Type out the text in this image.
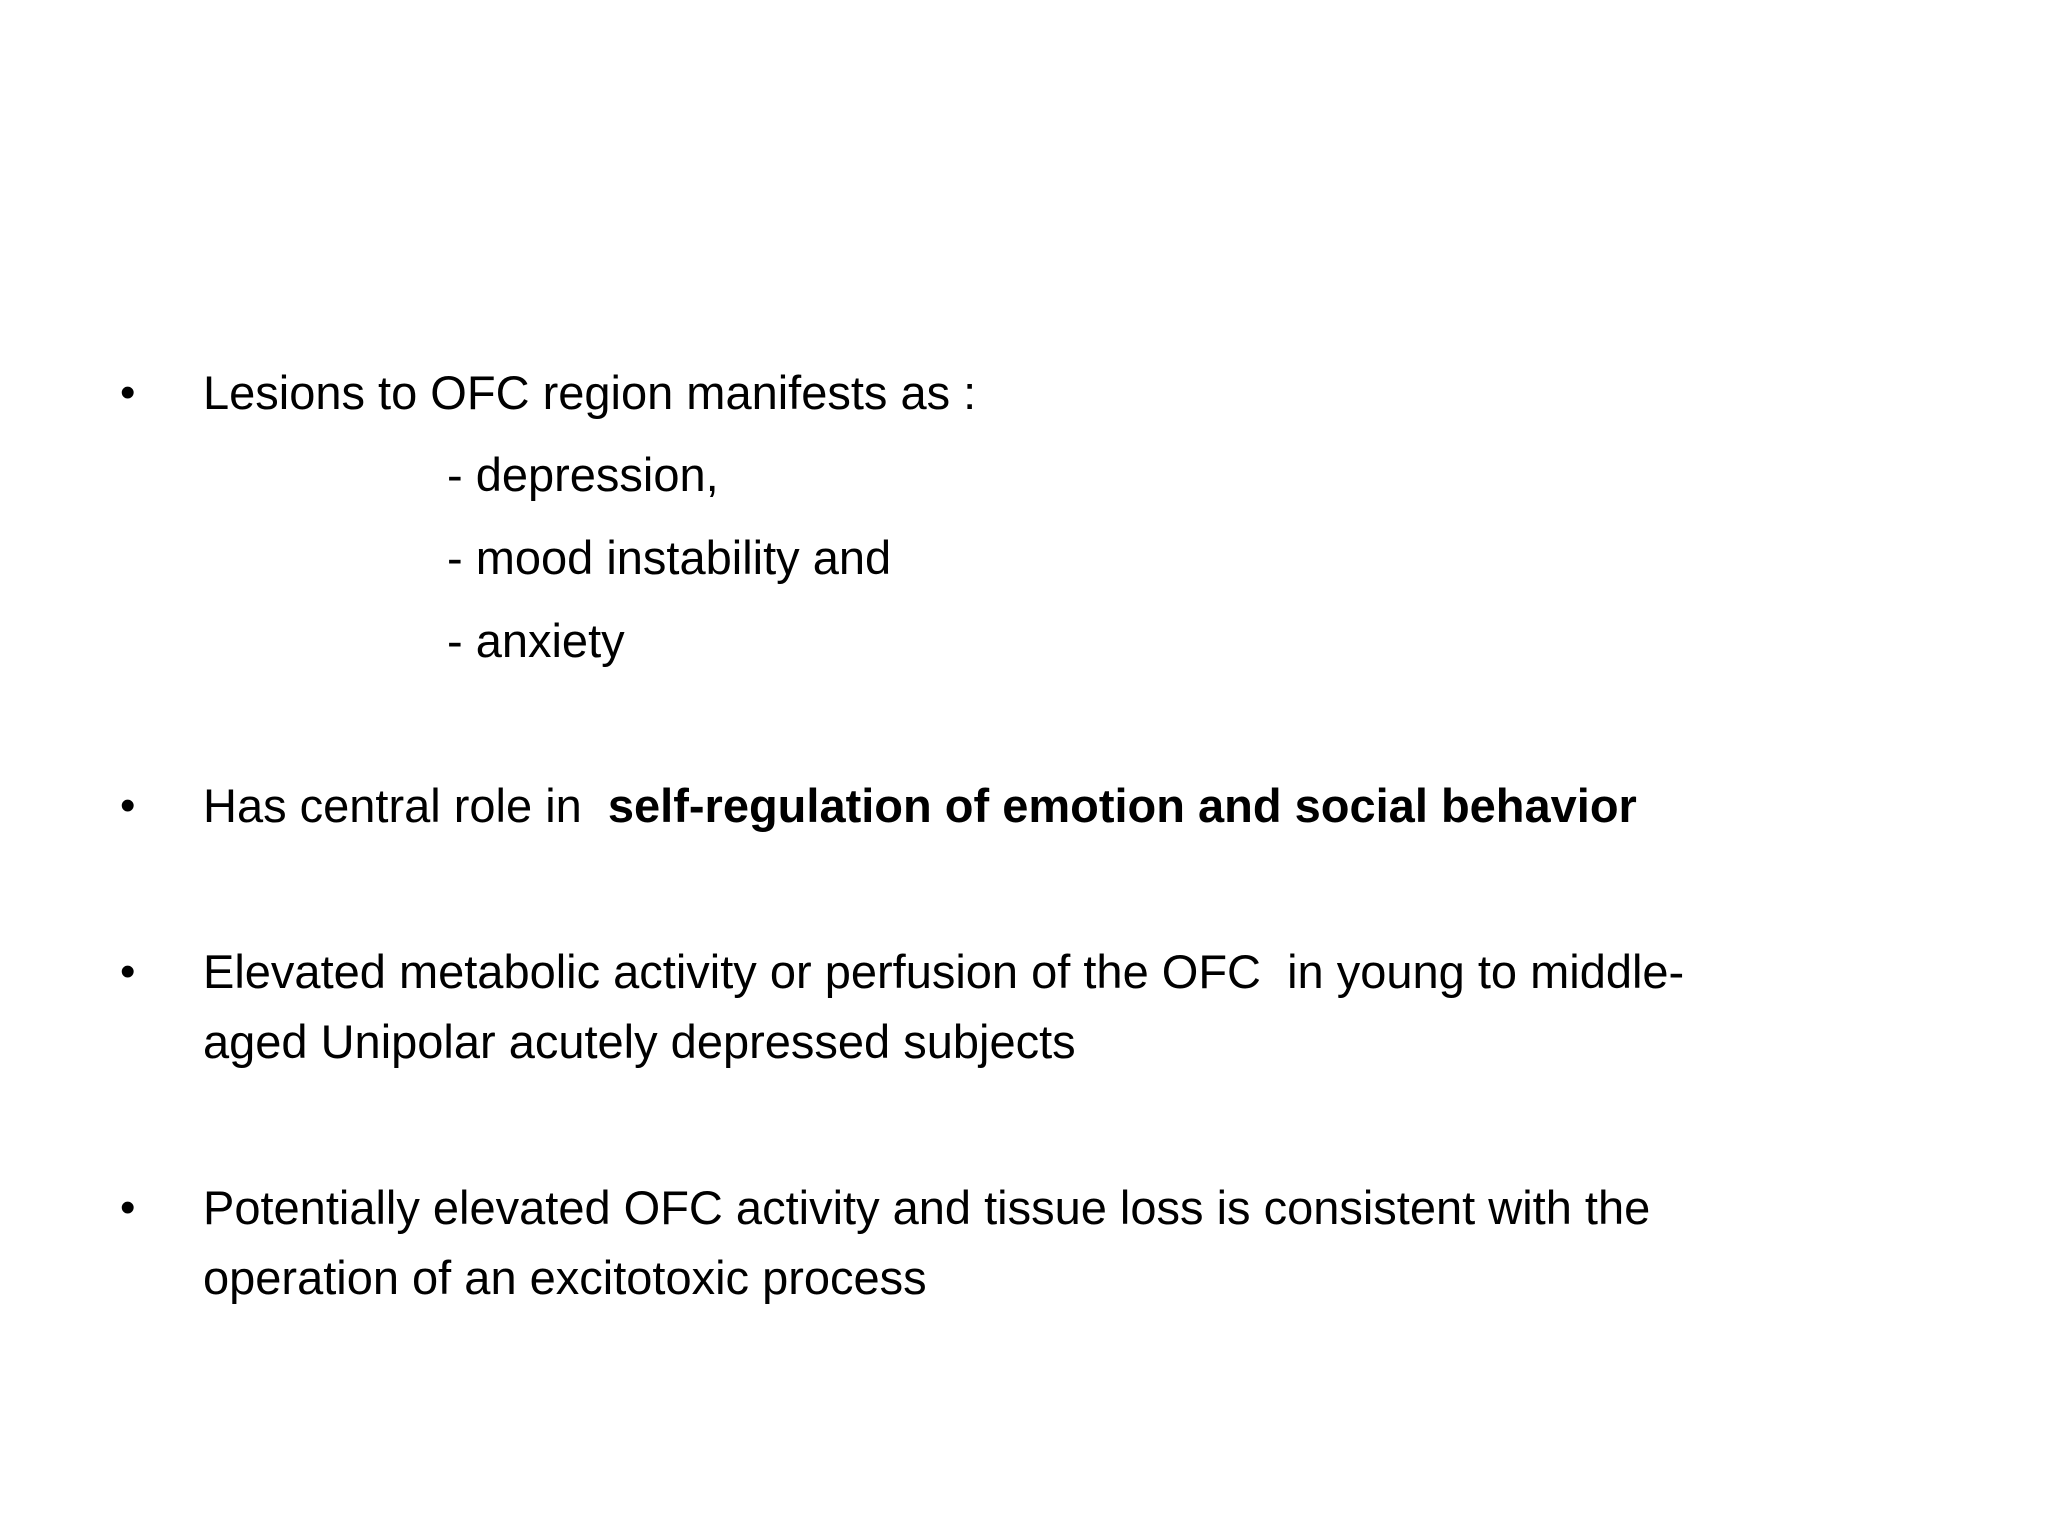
• Lesions to OFC region manifests as :
- depression,
- mood instability and
- anxiety
• Has central role in  self-regulation of emotion and social behavior
• Elevated metabolic activity or perfusion of the OFC  in young to middle-
aged Unipolar acutely depressed subjects
• Potentially elevated OFC activity and tissue loss is consistent with the
operation of an excitotoxic process
